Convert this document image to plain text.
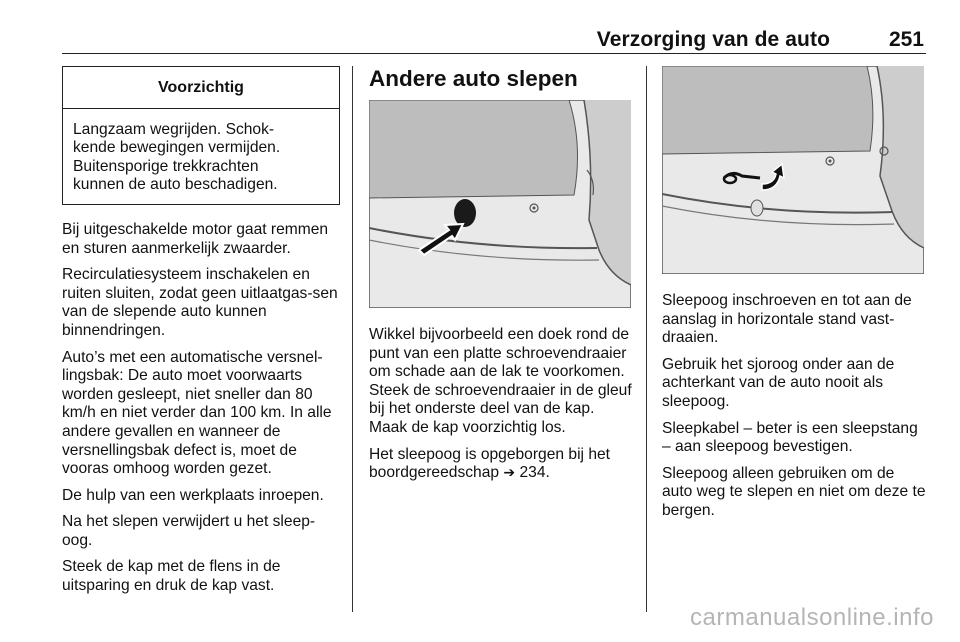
Verzorging van de auto	251
Voorzichtig
Langzaam wegrijden. Schok-
kende bewegingen vermijden.
Buitensporige trekkrachten
kunnen de auto beschadigen.

Bij uitgeschakelde motor gaat remmen en sturen aanmerkelijk zwaarder.

Recirculatiesysteem inschakelen en ruiten sluiten, zodat geen uitlaatgas-sen van de slepende auto kunnen binnendringen.

Auto’s met een automatische versnel-lingsbak: De auto moet voorwaarts worden gesleept, niet sneller dan 80 km/h en niet verder dan 100 km. In alle andere gevallen en wanneer de versnellingsbak defect is, moet de vooras omhoog worden gezet.

De hulp van een werkplaats inroepen.

Na het slepen verwijdert u het sleep-oog.

Steek de kap met de flens in de uitsparing en druk de kap vast.

Andere auto slepen

Wikkel bijvoorbeeld een doek rond de punt van een platte schroevendraaier om schade aan de lak te voorkomen. Steek de schroevendraaier in de gleuf bij het onderste deel van de kap. Maak de kap voorzichtig los.

Het sleepoog is opgeborgen bij het boordgereedschap ➔ 234.

Sleepoog inschroeven en tot aan de aanslag in horizontale stand vast-draaien.

Gebruik het sjoroog onder aan de achterkant van de auto nooit als sleepoog.

Sleepkabel – beter is een sleepstang – aan sleepoog bevestigen.

Sleepoog alleen gebruiken om de auto weg te slepen en niet om deze te bergen.

carmanualsonline.info
